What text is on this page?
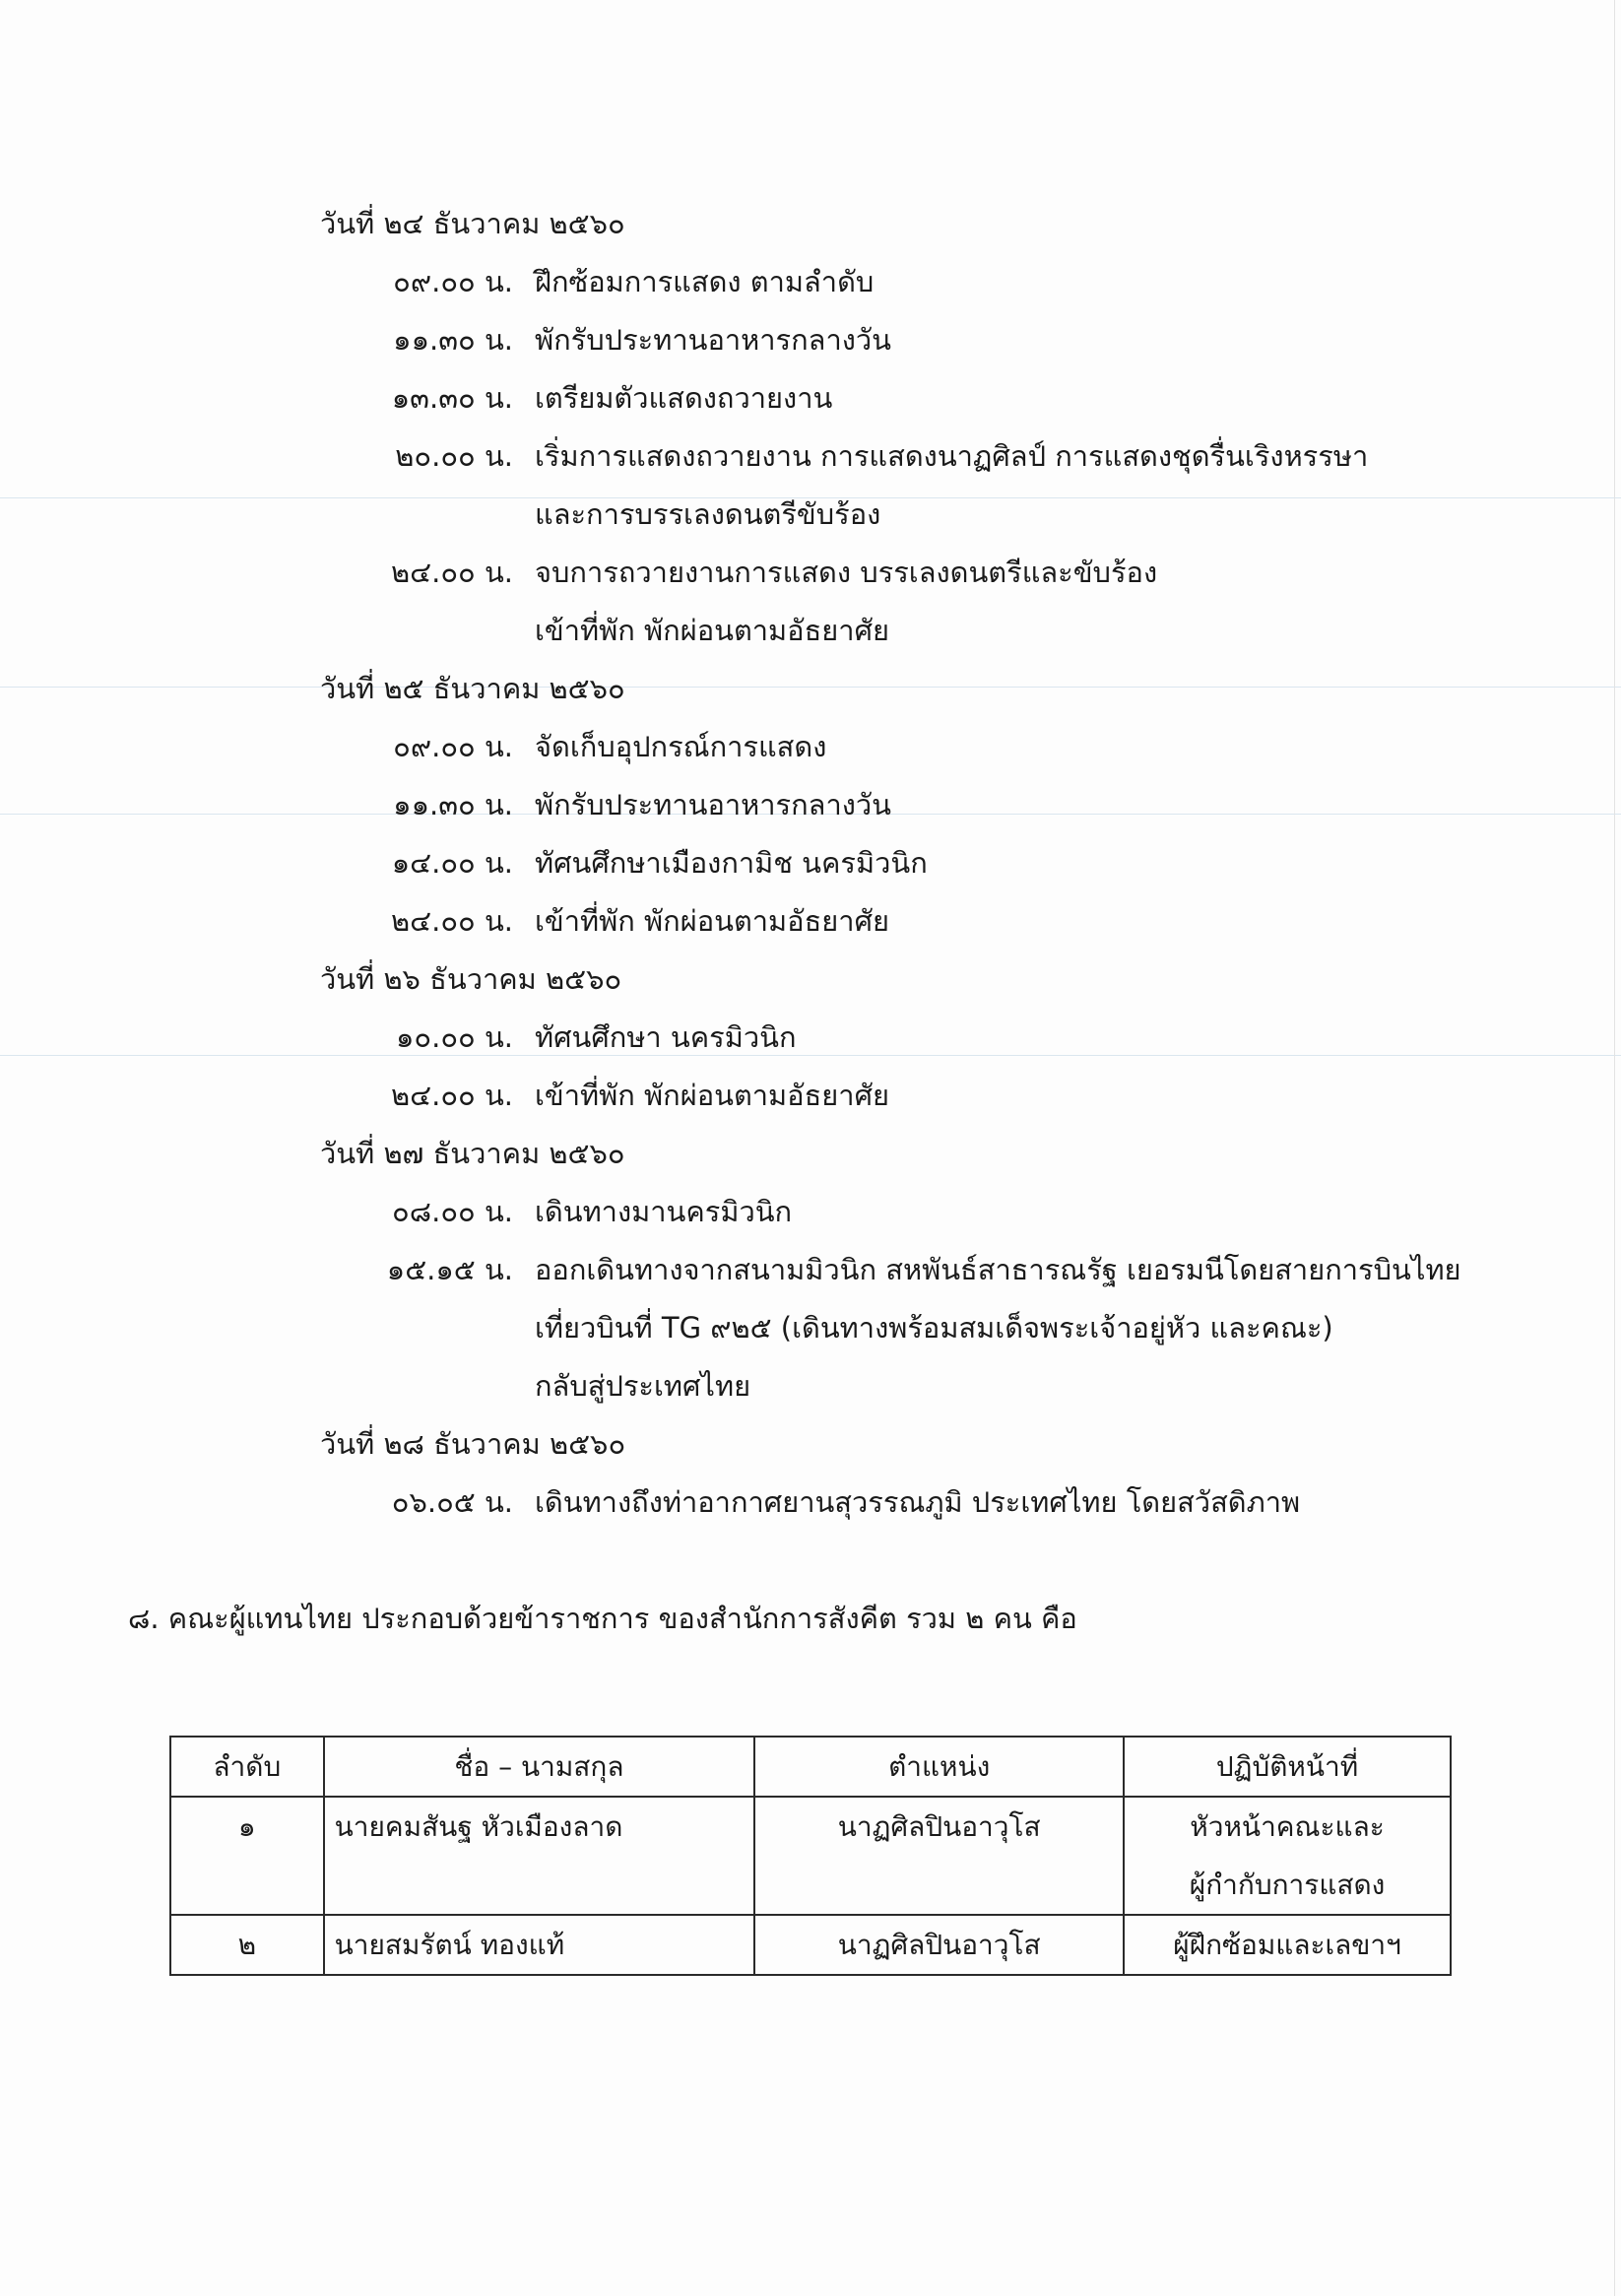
วันที่ ๒๔ ธันวาคม ๒๕๖๐
๐๙.๐๐ น. ฝึกซ้อมการแสดง ตามลำดับ
๑๑.๓๐ น. พักรับประทานอาหารกลางวัน
๑๓.๓๐ น. เตรียมตัวแสดงถวายงาน
๒๐.๐๐ น. เริ่มการแสดงถวายงาน การแสดงนาฏศิลป์ การแสดงชุดรื่นเริงหรรษา
และการบรรเลงดนตรีขับร้อง
๒๔.๐๐ น. จบการถวายงานการแสดง บรรเลงดนตรีและขับร้อง
เข้าที่พัก พักผ่อนตามอัธยาศัย
วันที่ ๒๕ ธันวาคม ๒๕๖๐
๐๙.๐๐ น. จัดเก็บอุปกรณ์การแสดง
๑๑.๓๐ น. พักรับประทานอาหารกลางวัน
๑๔.๐๐ น. ทัศนศึกษาเมืองกามิช นครมิวนิก
๒๔.๐๐ น. เข้าที่พัก พักผ่อนตามอัธยาศัย
วันที่ ๒๖ ธันวาคม ๒๕๖๐
๑๐.๐๐ น. ทัศนศึกษา นครมิวนิก
๒๔.๐๐ น. เข้าที่พัก พักผ่อนตามอัธยาศัย
วันที่ ๒๗ ธันวาคม ๒๕๖๐
๐๘.๐๐ น. เดินทางมานครมิวนิก
๑๕.๑๕ น. ออกเดินทางจากสนามมิวนิก สหพันธ์สาธารณรัฐ เยอรมนีโดยสายการบินไทย
เที่ยวบินที่ TG ๙๒๕ (เดินทางพร้อมสมเด็จพระเจ้าอยู่หัว และคณะ)
กลับสู่ประเทศไทย
วันที่ ๒๘ ธันวาคม ๒๕๖๐
๐๖.๐๕ น. เดินทางถึงท่าอากาศยานสุวรรณภูมิ ประเทศไทย โดยสวัสดิภาพ
๘. คณะผู้แทนไทย ประกอบด้วยข้าราชการ ของสำนักการสังคีต รวม ๒ คน คือ
ลำดับ	ชื่อ – นามสกุล	ตำแหน่ง	ปฏิบัติหน้าที่
๑	นายคมสันฐ หัวเมืองลาด	นาฏศิลปินอาวุโส	หัวหน้าคณะและ
ผู้กำกับการแสดง

๒	นายสมรัตน์ ทองแท้	นาฏศิลปินอาวุโส	ผู้ฝึกซ้อมและเลขาฯ
